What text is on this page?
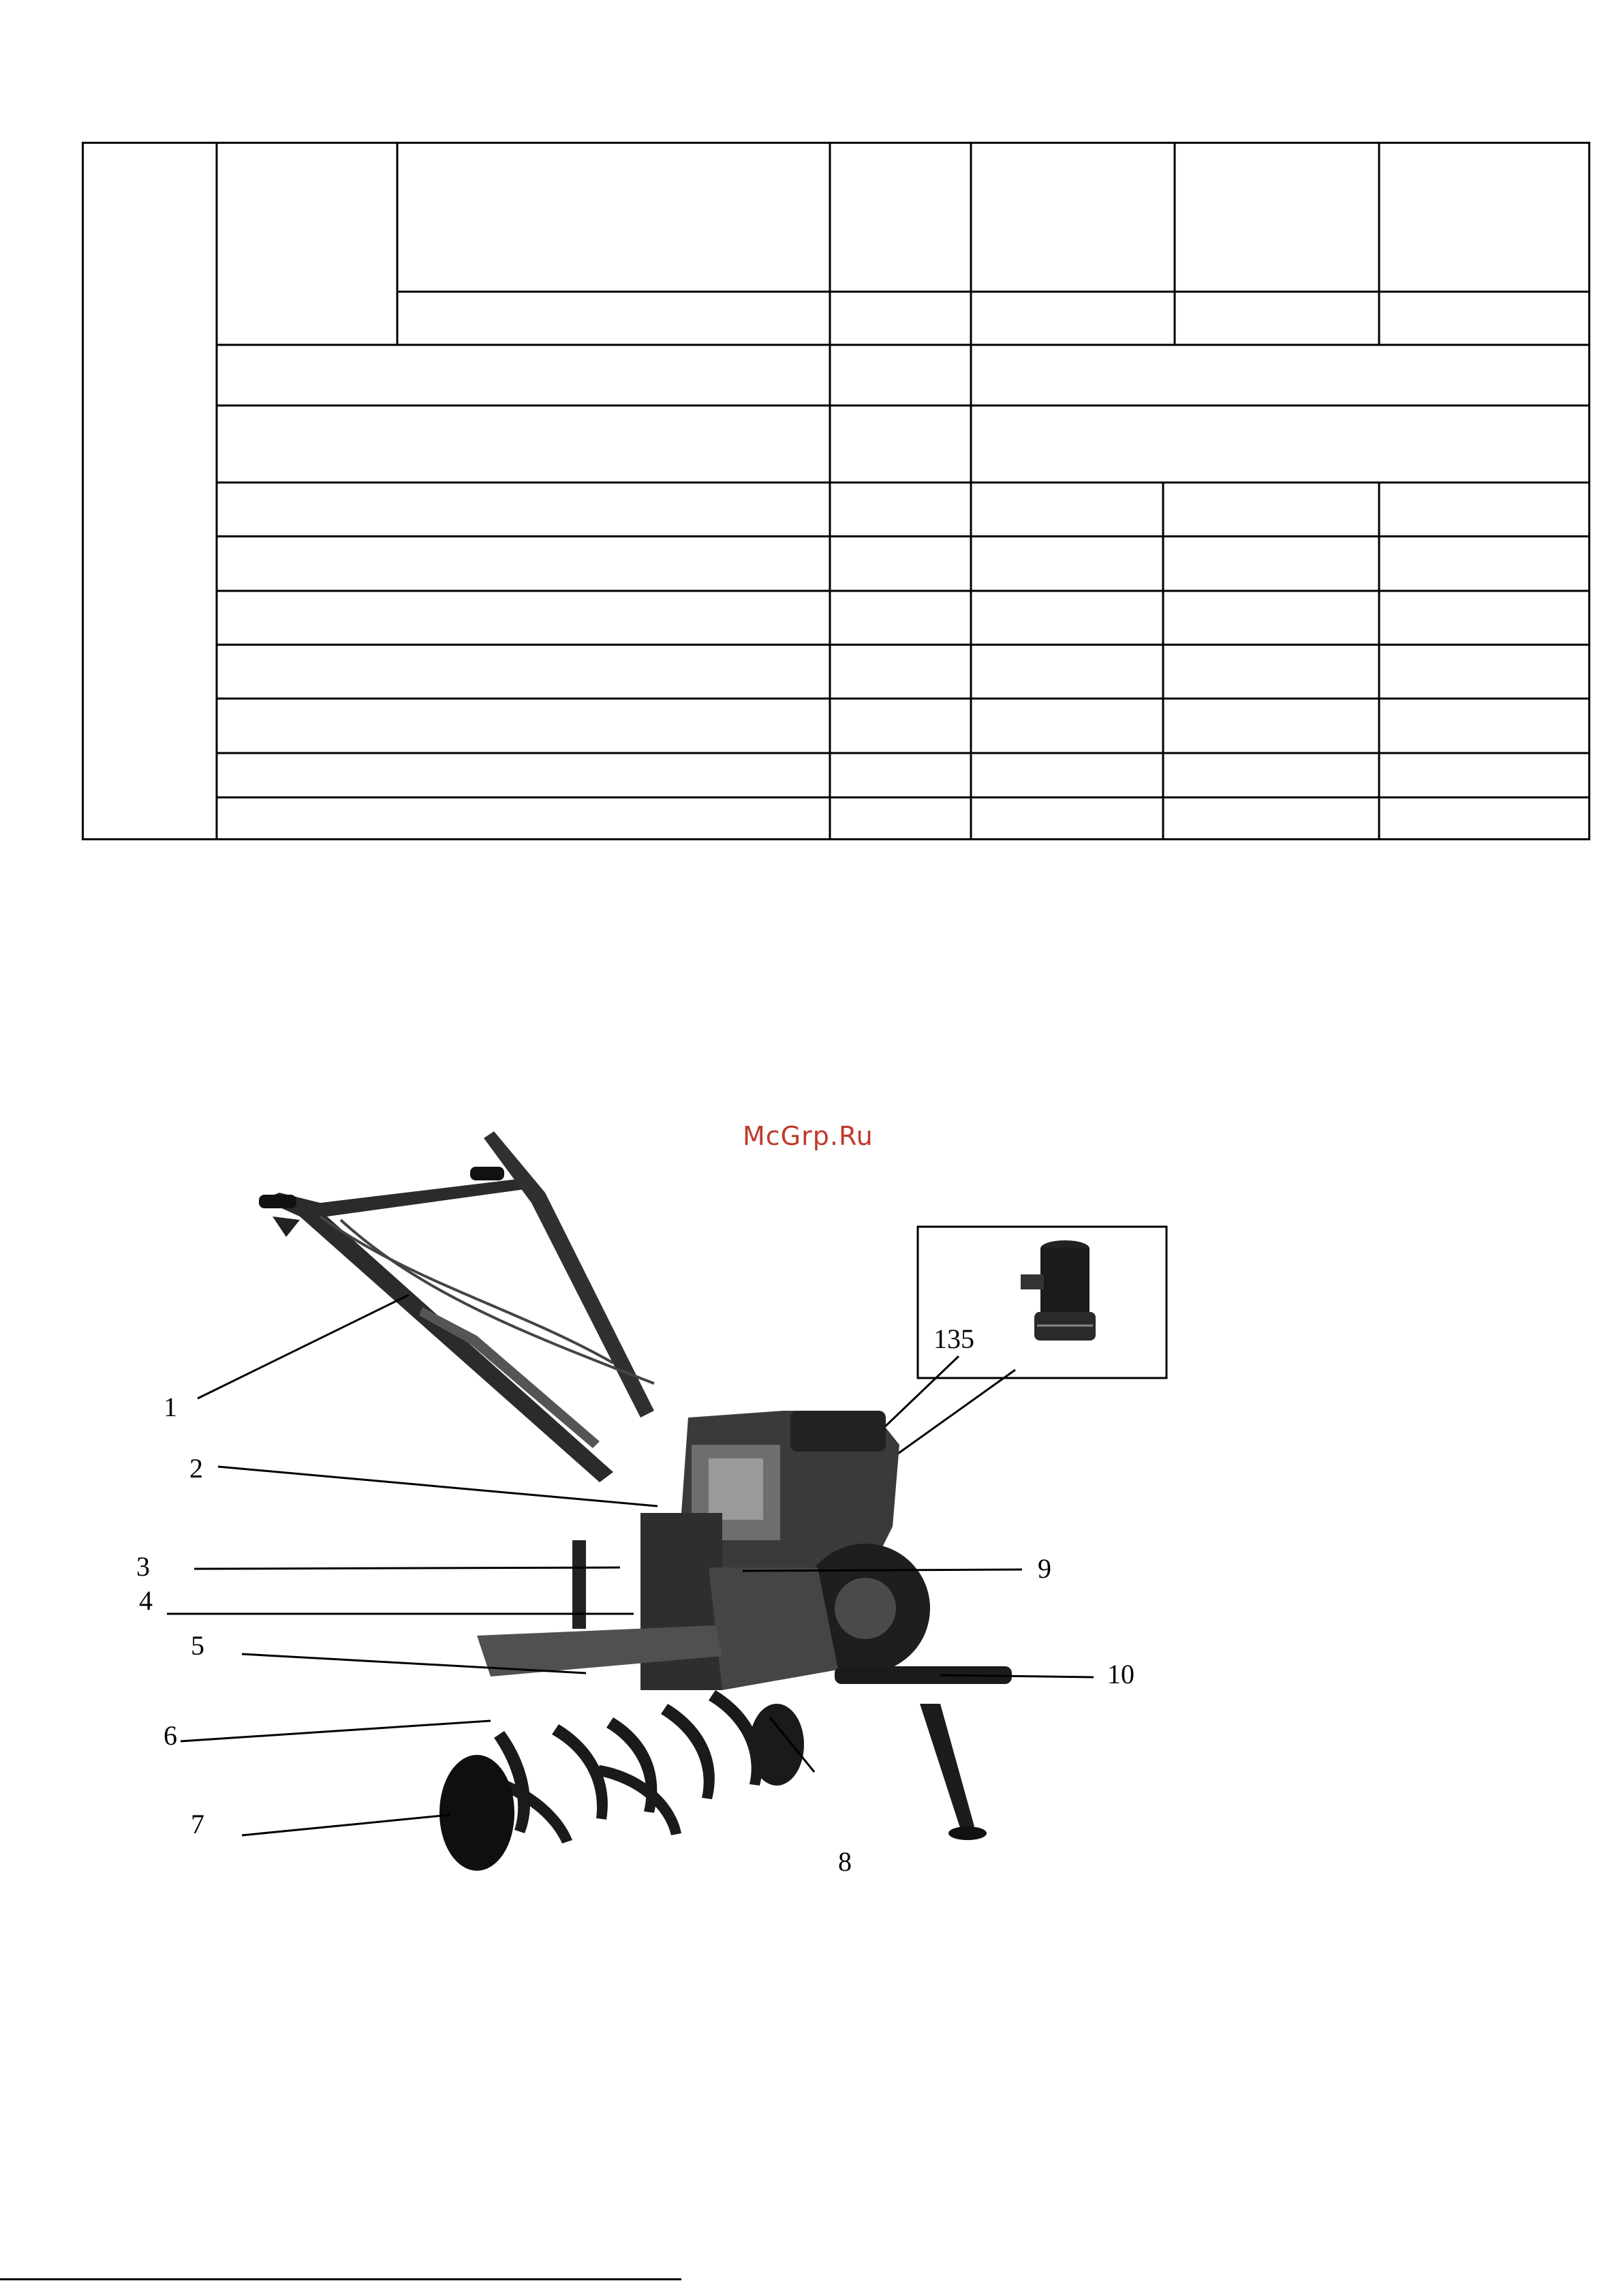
McGrp.Ru
135
1
2
3
4
5
6
7
8
9
10
